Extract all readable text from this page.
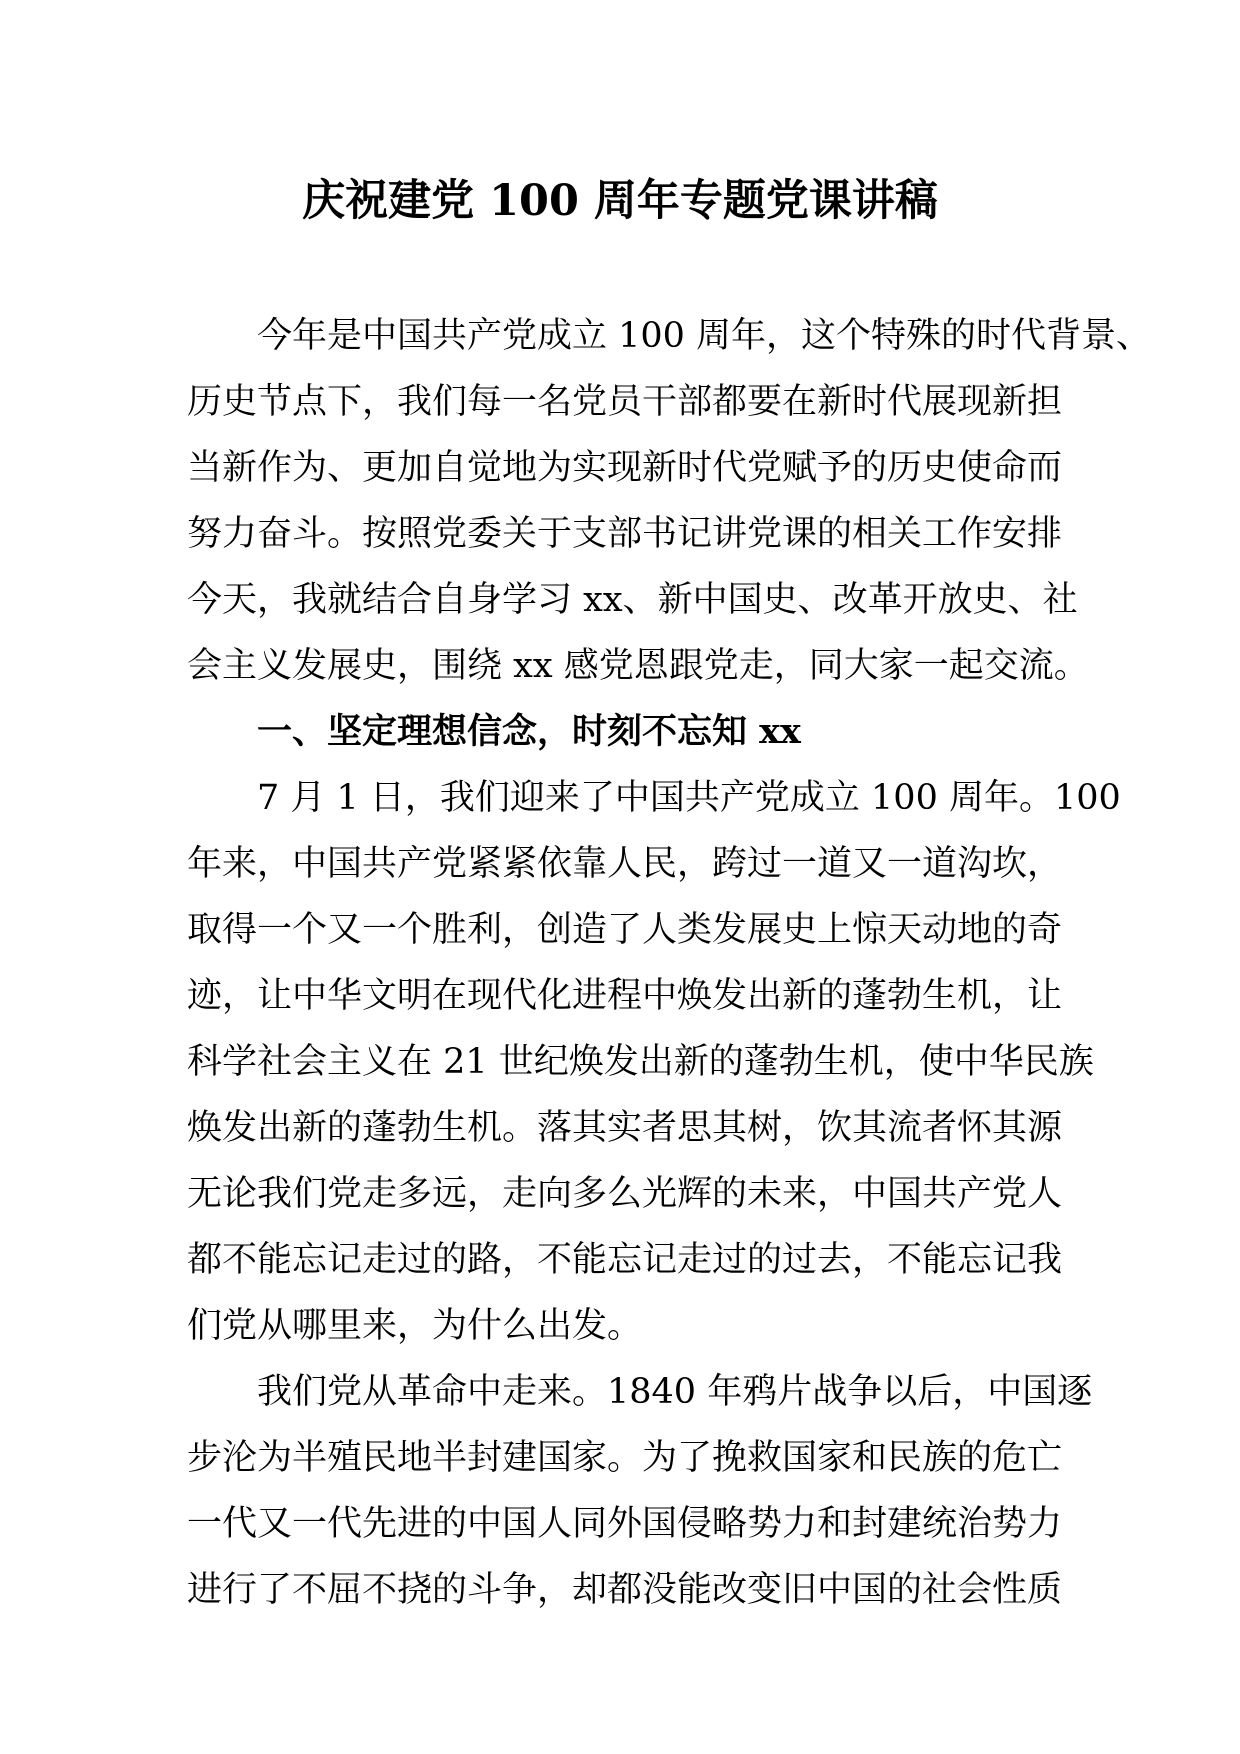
庆祝建党 100 周年专题党课讲稿

今年是中国共产党成立 100 周年，这个特殊的时代背景、

历史节点下，我们每一名党员干部都要在新时代展现新担

当新作为、更加自觉地为实现新时代党赋予的历史使命而

努力奋斗。按照党委关于支部书记讲党课的相关工作安排

今天，我就结合自身学习 xx、新中国史、改革开放史、社

会主义发展史，围绕 xx 感党恩跟党走，同大家一起交流。

一、坚定理想信念，时刻不忘知 xx

7 月 1 日，我们迎来了中国共产党成立 100 周年。100

年来，中国共产党紧紧依靠人民，跨过一道又一道沟坎，

取得一个又一个胜利，创造了人类发展史上惊天动地的奇

迹，让中华文明在现代化进程中焕发出新的蓬勃生机，让

科学社会主义在 21 世纪焕发出新的蓬勃生机，使中华民族

焕发出新的蓬勃生机。落其实者思其树，饮其流者怀其源

无论我们党走多远，走向多么光辉的未来，中国共产党人

都不能忘记走过的路，不能忘记走过的过去，不能忘记我

们党从哪里来，为什么出发。

我们党从革命中走来。1840 年鸦片战争以后，中国逐

步沦为半殖民地半封建国家。为了挽救国家和民族的危亡

一代又一代先进的中国人同外国侵略势力和封建统治势力

进行了不屈不挠的斗争，却都没能改变旧中国的社会性质
